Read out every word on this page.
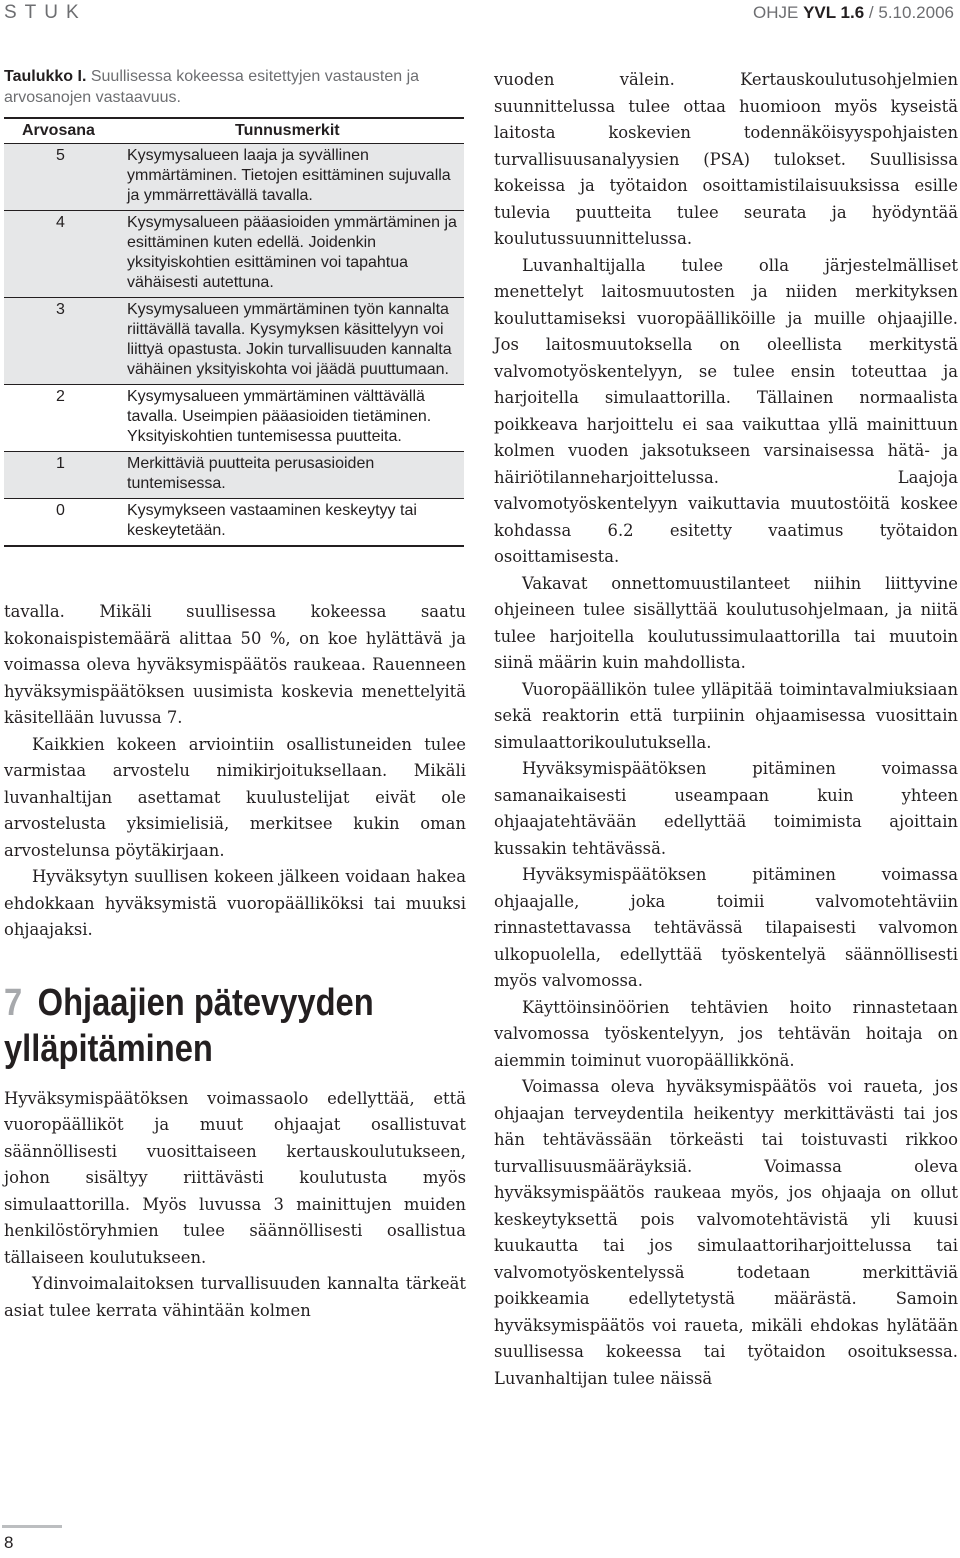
STUK	OHJE YVL 1.6 / 5.10.2006

Taulukko I. Suullisessa kokeessa esitettyjen vastausten ja arvosanojen vastaavuus.

Arvosana	Tunnusmerkit
5	Kysymysalueen laaja ja syvällinen ymmärtäminen. Tietojen esittäminen sujuvalla ja ymmärrettävällä tavalla.
4	Kysymysalueen pääasioiden ymmärtäminen ja esittäminen kuten edellä. Joidenkin yksityiskohtien esittäminen voi tapahtua vähäisesti autettuna.
3	Kysymysalueen ymmärtäminen työn kannalta riittävällä tavalla. Kysymyksen käsittelyyn voi liittyä opastusta. Jokin turvallisuuden kannalta vähäinen yksityiskohta voi jäädä puuttumaan.
2	Kysymysalueen ymmärtäminen välttävällä tavalla. Useimpien pääasioiden tietäminen. Yksityiskohtien tuntemisessa puutteita.
1	Merkittäviä puutteita perusasioiden tuntemisessa.
0	Kysymykseen vastaaminen keskeytyy tai keskeytetään.

tavalla. Mikäli suullisessa kokeessa saatu kokonaispistemäärä alittaa 50 %, on koe hylättävä ja voimassa oleva hyväksymispäätös raukeaa. Rauenneen hyväksymispäätöksen uusimista koskevia menettelyitä käsitellään luvussa 7.

Kaikkien kokeen arviointiin osallistuneiden tulee varmistaa arvostelu nimikirjoituksellaan. Mikäli luvanhaltijan asettamat kuulustelijat eivät ole arvostelusta yksimielisiä, merkitsee kukin oman arvostelunsa pöytäkirjaan.

Hyväksytyn suullisen kokeen jälkeen voidaan hakea ehdokkaan hyväksymistä vuoropäälliköksi tai muuksi ohjaajaksi.

7 Ohjaajien pätevyyden
ylläpitäminen

Hyväksymispäätöksen voimassaolo edellyttää, että vuoropäälliköt ja muut ohjaajat osallistuvat säännöllisesti vuosittaiseen kertauskoulutukseen, johon sisältyy riittävästi koulutusta myös simulaattorilla. Myös luvussa 3 mainittujen muiden henkilöstöryhmien tulee säännöllisesti osallistua tällaiseen koulutukseen.

Ydinvoimalaitoksen turvallisuuden kannalta tärkeät asiat tulee kerrata vähintään kolmen

vuoden välein. Kertauskoulutusohjelmien suunnittelussa tulee ottaa huomioon myös kyseistä laitosta koskevien todennäköisyyspohjaisten turvallisuusanalyysien (PSA) tulokset. Suullisissa kokeissa ja työtaidon osoittamistilaisuuksissa esille tulevia puutteita tulee seurata ja hyödyntää koulutussuunnittelussa.

Luvanhaltijalla tulee olla järjestelmälliset menettelyt laitosmuutosten ja niiden merkityksen kouluttamiseksi vuoropäälliköille ja muille ohjaajille. Jos laitosmuutoksella on oleellista merkitystä valvomotyöskentelyyn, se tulee ensin toteuttaa ja harjoitella simulaattorilla. Tällainen normaalista poikkeava harjoittelu ei saa vaikuttaa yllä mainittuun kolmen vuoden jaksotukseen varsinaisessa hätä- ja häiriötilanneharjoittelussa. Laajoja valvomotyöskentelyyn vaikuttavia muutostöitä koskee kohdassa 6.2 esitetty vaatimus työtaidon osoittamisesta.

Vakavat onnettomuustilanteet niihin liittyvine ohjeineen tulee sisällyttää koulutusohjelmaan, ja niitä tulee harjoitella koulutussimulaattorilla tai muutoin siinä määrin kuin mahdollista.

Vuoropäällikön tulee ylläpitää toimintavalmiuksiaan sekä reaktorin että turpiinin ohjaamisessa vuosittain simulaattorikoulutuksella.

Hyväksymispäätöksen pitäminen voimassa samanaikaisesti useampaan kuin yhteen ohjaajatehtävään edellyttää toimimista ajoittain kussakin tehtävässä.

Hyväksymispäätöksen pitäminen voimassa ohjaajalle, joka toimii valvomotehtäviin rinnastettavassa tehtävässä tilapaisesti valvomon ulkopuolella, edellyttää työskentelyä säännöllisesti myös valvomossa.

Käyttöinsinöörien tehtävien hoito rinnastetaan valvomossa työskentelyyn, jos tehtävän hoitaja on aiemmin toiminut vuoropäällikkönä.

Voimassa oleva hyväksymispäätös voi raueta, jos ohjaajan terveydentila heikentyy merkittävästi tai jos hän tehtävässään törkeästi tai toistuvasti rikkoo turvallisuusmääräyksiä. Voimassa oleva hyväksymispäätös raukeaa myös, jos ohjaaja on ollut keskeytyksettä pois valvomotehtävistä yli kuusi kuukautta tai jos simulaattoriharjoittelussa tai valvomotyöskentelyssä todetaan merkittäviä poikkeamia edellytetystä määrästä. Samoin hyväksymispäätös voi raueta, mikäli ehdokas hylätään suullisessa kokeessa tai työtaidon osoituksessa. Luvanhaltijan tulee näissä

8
